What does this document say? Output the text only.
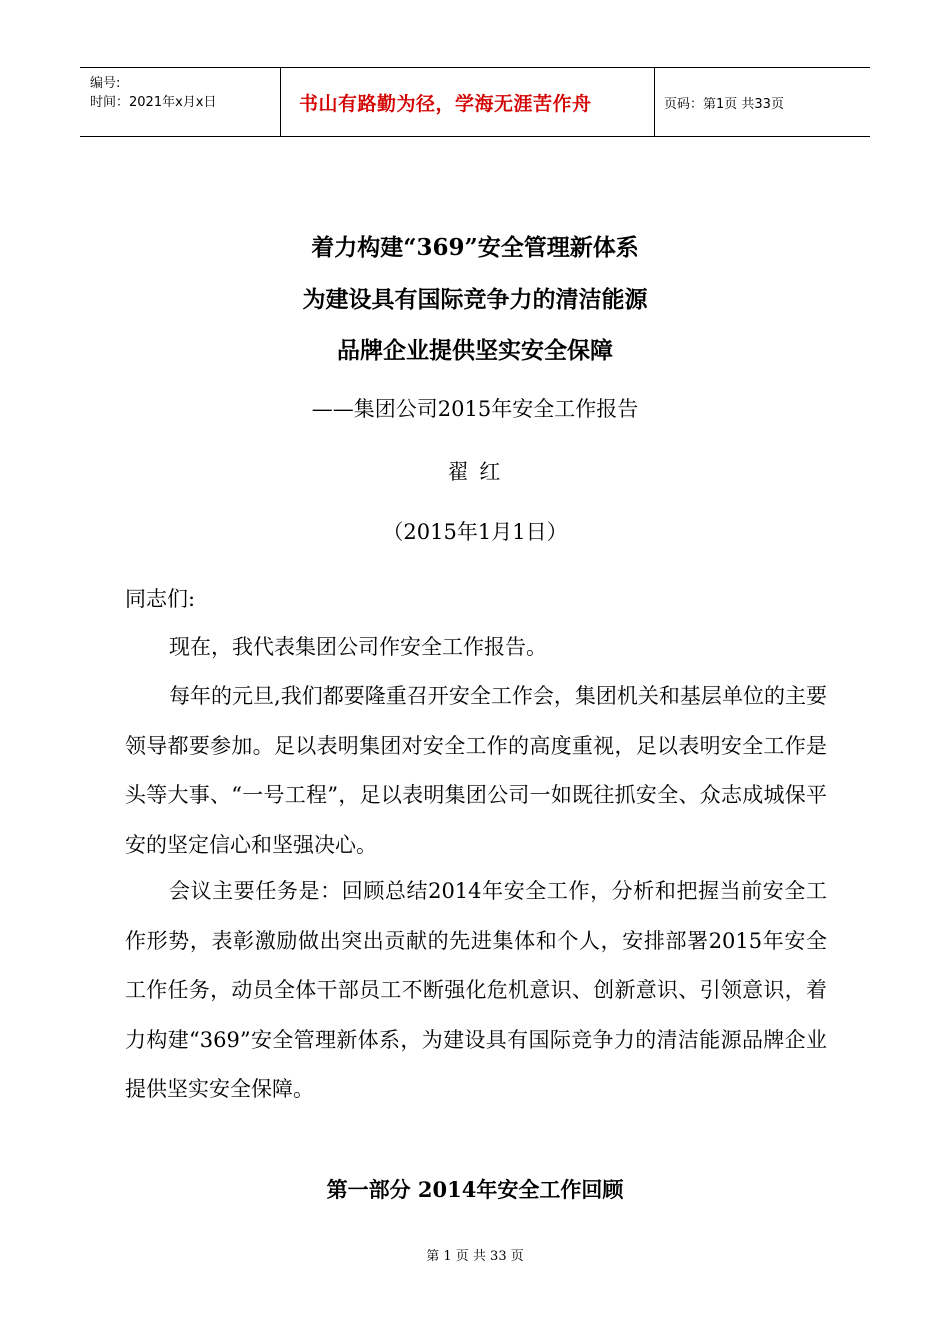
编号:
时间：2021年x月x日	书山有路勤为径，学海无涯苦作舟	页码：第1页 共33页
着力构建“369”安全管理新体系
为建设具有国际竞争力的清洁能源
品牌企业提供坚实安全保障
——集团公司2015年安全工作报告
翟 红
（2015年1月1日）
同志们:
现在，我代表集团公司作安全工作报告。
每年的元旦,我们都要隆重召开安全工作会，集团机关和基层单位的主要领导都要参加。足以表明集团对安全工作的高度重视，足以表明安全工作是头等大事、“一号工程”，足以表明集团公司一如既往抓安全、众志成城保平安的坚定信心和坚强决心。
会议主要任务是：回顾总结2014年安全工作，分析和把握当前安全工作形势，表彰激励做出突出贡献的先进集体和个人，安排部署2015年安全工作任务，动员全体干部员工不断强化危机意识、创新意识、引领意识，着力构建“369”安全管理新体系，为建设具有国际竞争力的清洁能源品牌企业提供坚实安全保障。
第一部分 2014年安全工作回顾
第 1 页 共 33 页
